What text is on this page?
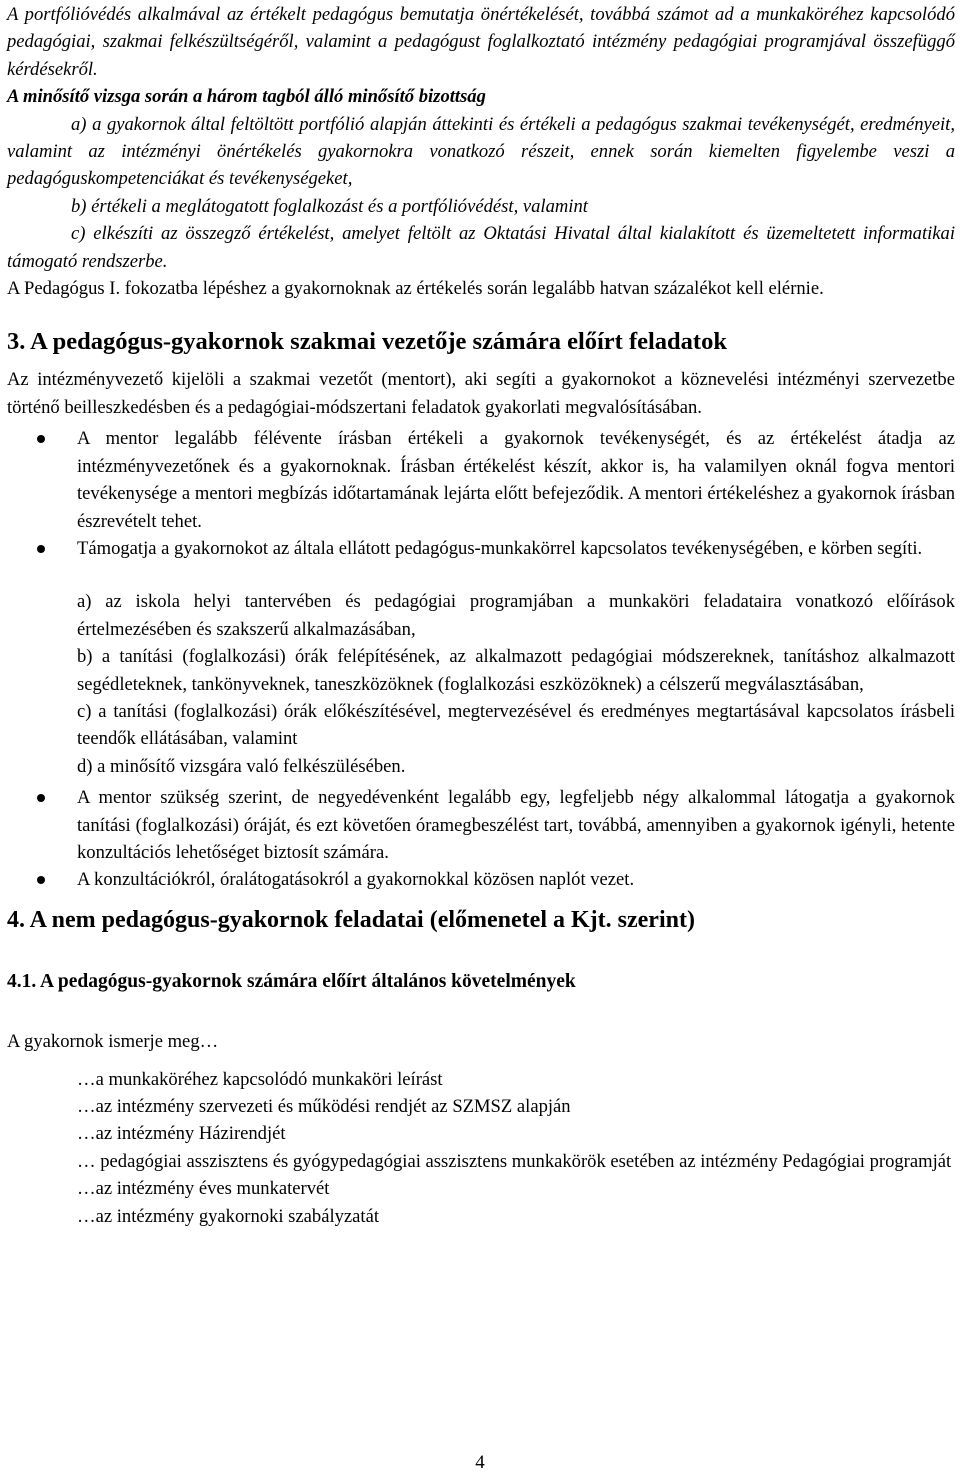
A portfólióvédés alkalmával az értékelt pedagógus bemutatja önértékelését, továbbá számot ad a munkaköréhez kapcsolódó pedagógiai, szakmai felkészültségéről, valamint a pedagógust foglalkoztató intézmény pedagógiai programjával összefüggő kérdésekről.

A minősítő vizsga során a három tagból álló minősítő bizottság

a) a gyakornok által feltöltött portfólió alapján áttekinti és értékeli a pedagógus szakmai tevékenységét, eredményeit, valamint az intézményi önértékelés gyakornokra vonatkozó részeit, ennek során kiemelten figyelembe veszi a pedagóguskompetenciákat és tevékenységeket,

b) értékeli a meglátogatott foglalkozást és a portfólióvédést, valamint

c) elkészíti az összegző értékelést, amelyet feltölt az Oktatási Hivatal által kialakított és üzemeltetett informatikai támogató rendszerbe.

A Pedagógus I. fokozatba lépéshez a gyakornoknak az értékelés során legalább hatvan százalékot kell elérnie.

3. A pedagógus-gyakornok szakmai vezetője számára előírt feladatok

Az intézményvezető kijelöli a szakmai vezetőt (mentort), aki segíti a gyakornokot a köznevelési intézményi szervezetbe történő beilleszkedésben és a pedagógiai-módszertani feladatok gyakorlati megvalósításában.

A mentor legalább félévente írásban értékeli a gyakornok tevékenységét, és az értékelést átadja az intézményvezetőnek és a gyakornoknak. Írásban értékelést készít, akkor is, ha valamilyen oknál fogva mentori tevékenysége a mentori megbízás időtartamának lejárta előtt befejeződik. A mentori értékeléshez a gyakornok írásban észrevételt tehet.
Támogatja a gyakornokot az általa ellátott pedagógus-munkakörrel kapcsolatos tevékenységében, e körben segíti.

a) az iskola helyi tantervében és pedagógiai programjában a munkaköri feladataira vonatkozó előírások értelmezésében és szakszerű alkalmazásában,

b) a tanítási (foglalkozási) órák felépítésének, az alkalmazott pedagógiai módszereknek, tanításhoz alkalmazott segédleteknek, tankönyveknek, taneszközöknek (foglalkozási eszközöknek) a célszerű megválasztásában,

c) a tanítási (foglalkozási) órák előkészítésével, megtervezésével és eredményes megtartásával kapcsolatos írásbeli teendők ellátásában, valamint

d) a minősítő vizsgára való felkészülésében.

A mentor szükség szerint, de negyedévenként legalább egy, legfeljebb négy alkalommal látogatja a gyakornok tanítási (foglalkozási) óráját, és ezt követően óramegbeszélést tart, továbbá, amennyiben a gyakornok igényli, hetente konzultációs lehetőséget biztosít számára.
A konzultációkról, óralátogatásokról a gyakornokkal közösen naplót vezet.
4. A nem pedagógus-gyakornok feladatai (előmenetel a Kjt. szerint)
4.1. A pedagógus-gyakornok számára előírt általános követelmények

A gyakornok ismerje meg…

…a munkaköréhez kapcsolódó munkaköri leírást

…az intézmény szervezeti és működési rendjét az SZMSZ alapján

…az intézmény Házirendjét

… pedagógiai asszisztens és gyógypedagógiai asszisztens munkakörök esetében az intézmény Pedagógiai programját

…az intézmény éves munkatervét

…az intézmény gyakornoki szabályzatát

4
